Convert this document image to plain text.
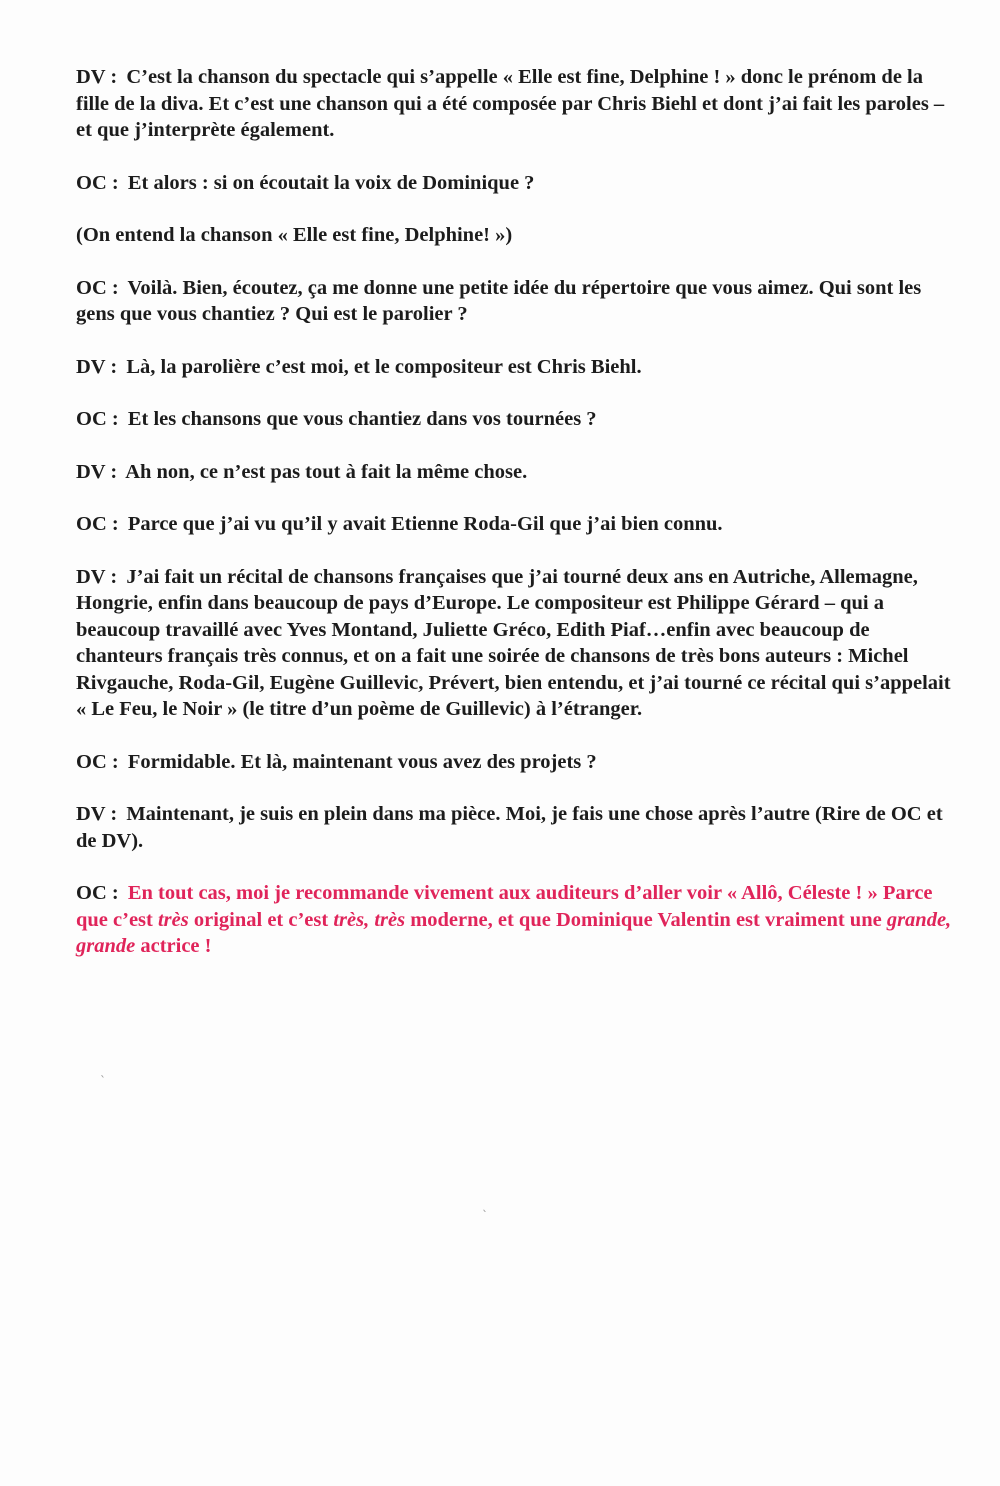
DV : C’est la chanson du spectacle qui s’appelle « Elle est fine, Delphine ! » donc le prénom de la fille de la diva. Et c’est une chanson qui a été composée par Chris Biehl et dont j’ai fait les paroles – et que j’interprète également.

OC : Et alors : si on écoutait la voix de Dominique ?

(On entend la chanson « Elle est fine, Delphine! »)

OC : Voilà. Bien, écoutez, ça me donne une petite idée du répertoire que vous aimez. Qui sont les gens que vous chantiez ? Qui est le parolier ?

DV : Là, la parolière c’est moi, et le compositeur est Chris Biehl.

OC : Et les chansons que vous chantiez dans vos tournées ?

DV : Ah non, ce n’est pas tout à fait la même chose.

OC : Parce que j’ai vu qu’il y avait Etienne Roda-Gil que j’ai bien connu.

DV : J’ai fait un récital de chansons françaises que j’ai tourné deux ans en Autriche, Allemagne, Hongrie, enfin dans beaucoup de pays d’Europe. Le compositeur est Philippe Gérard – qui a beaucoup travaillé avec Yves Montand, Juliette Gréco, Edith Piaf…enfin avec beaucoup de chanteurs français très connus, et on a fait une soirée de chansons de très bons auteurs : Michel Rivgauche, Roda-Gil, Eugène Guillevic, Prévert, bien entendu, et j’ai tourné ce récital qui s’appelait « Le Feu, le Noir » (le titre d’un poème de Guillevic) à l’étranger.

OC : Formidable. Et là, maintenant vous avez des projets ?

DV : Maintenant, je suis en plein dans ma pièce. Moi, je fais une chose après l’autre (Rire de OC et de DV).

OC : En tout cas, moi je recommande vivement aux auditeurs d’aller voir « Allô, Céleste ! » Parce que c’est très original et c’est très, très moderne, et que Dominique Valentin est vraiment une grande, grande actrice !

ˋ
ˎ
